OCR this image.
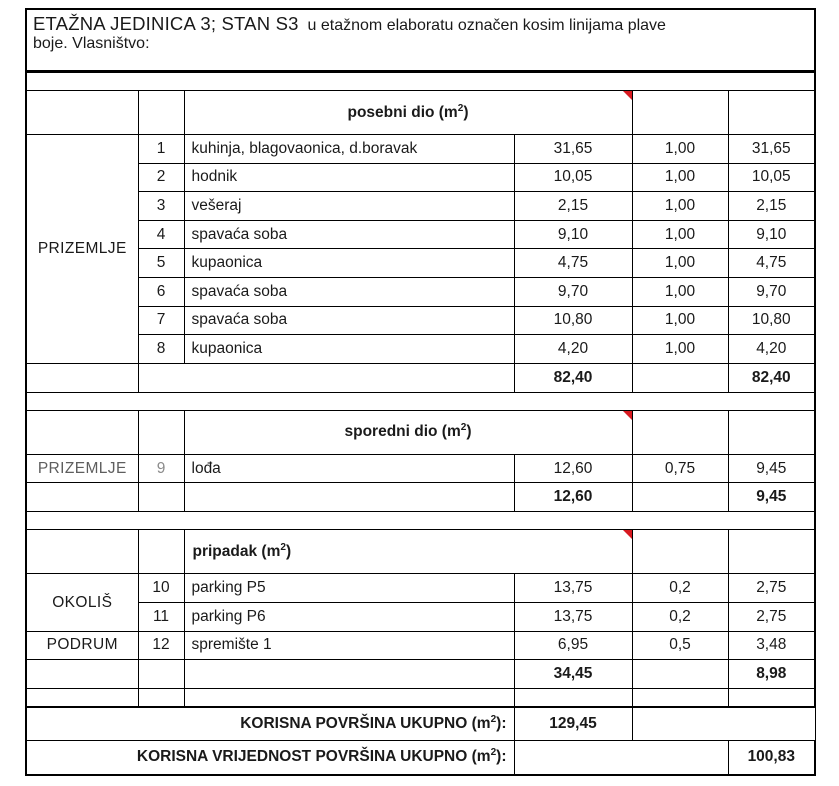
ETAŽNA JEDINICA 3; STAN S3 u etažnom elaboratu označen kosim linijama plave
boje. Vlasništvo:

		posebni dio $(m^2)$	

PRIZEMLJE	1	kuhinja, blagovaonica, d.boravak	31,65	1,00	31,65
	2	hodnik	10,05	1,00	10,05
	3	vešeraj	2,15	1,00	2,15
	4	spavaća soba	9,10	1,00	9,10
	5	kupaonica	4,75	1,00	4,75
	6	spavaća soba	9,70	1,00	9,70
	7	spavaća soba	10,80	1,00	10,80
	8	kupaonica	4,20	1,00	4,20
			82,40		82,40

		sporedni dio $(m^2)$	

PRIZEMLJE	9	lođa	12,60	0,75	9,45
			12,60		9,45

		pripadak $(m^2)$	

OKOLIŠ	10	parking P5	13,75	0,2	2,75
	11	parking P6	13,75	0,2	2,75
PODRUM	12	spremište 1	6,95	0,5	3,48
			34,45		8,98

KORISNA POVRŠINA UKUPNO $(m^2)$:			129,45		
KORISNA VRIJEDNOST POVRŠINA UKUPNO $(m^2)$:					100,83
